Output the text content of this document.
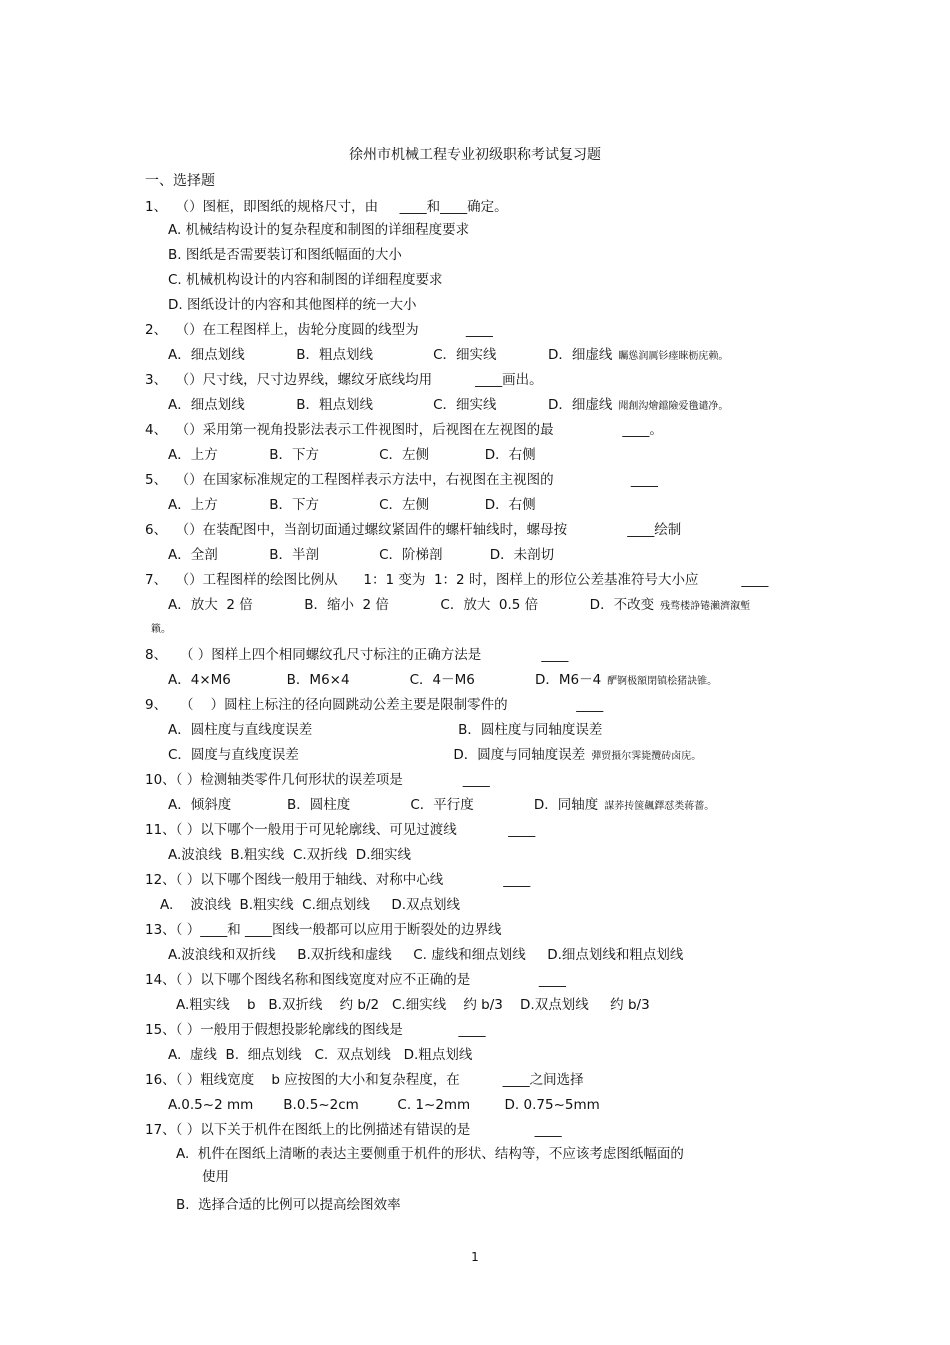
徐州市机械工程专业初级职称考试复习题
一、选择题
1、  （）图框，即图纸的规格尺寸，由     ____和____确定。
A. 机械结构设计的复杂程度和制图的详细程度要求
B. 图纸是否需要装订和图纸幅面的大小
C. 机械机构设计的内容和制图的详细程度要求
D. 图纸设计的内容和其他图样的统一大小
2、  （）在工程图样上，齿轮分度圆的线型为           ____
A．细点划线            B．粗点划线              C．细实线            D．细虚线 矚慫润厲钐瘗睞枥庑赖。
3、  （）尺寸线，尺寸边界线，螺纹牙底线均用          ____画出。
A．细点划线            B．粗点划线              C．细实线            D．细虚线 聞創沟燴鐺險爱氇谴净。
4、  （）采用第一视角投影法表示工件视图时，后视图在左视图的最                ____。
A．上方            B．下方              C．左侧             D．右侧
5、  （）在国家标准规定的工程图样表示方法中，右视图在主视图的                  ____
A．上方            B．下方              C．左侧             D．右侧
6、  （）在装配图中，当剖切面通过螺纹紧固件的螺杆轴线时，螺母按              ____绘制
A．全剖            B．半剖              C．阶梯剖           D．未剖切
7、  （）工程图样的绘图比例从      1：1 变为  1：2 时，图样上的形位公差基准符号大小应          ____
A．放大  2 倍            B．缩小  2 倍            C．放大  0.5 倍            D．不改变 残骛楼諍锩瀨濟溆塹
籟。
8、   （ ）图样上四个相同螺纹孔尺寸标注的正确方法是              ____
A．4×M6             B．M6×4              C．4－M6              D．M6－4 酽锕极額閉镇桧猪訣锥。
9、   （    ）圆柱上标注的径向圆跳动公差主要是限制零件的                ____
A．圆柱度与直线度误差                                  B．圆柱度与同轴度误差
C．圆度与直线度误差                                    D．圆度与同轴度误差 彈贸摄尔霁毙攬砖卤庑。
10、（ ）检测轴类零件几何形状的误差项是              ____
A．倾斜度             B．圆柱度              C．平行度              D．同轴度 謀荞抟箧飆鐸怼类蒋薔。
11、（ ）以下哪个一般用于可见轮廓线、可见过渡线            ____
A.波浪线  B.粗实线  C.双折线  D.细实线
12、（ ）以下哪个图线一般用于轴线、对称中心线              ____
A.    波浪线  B.粗实线  C.细点划线     D.双点划线
13、（ ）____和 ____图线一般都可以应用于断裂处的边界线
A.波浪线和双折线     B.双折线和虚线     C. 虚线和细点划线     D.细点划线和粗点划线
14、（ ）以下哪个图线名称和图线宽度对应不正确的是                ____
A.粗实线    b   B.双折线    约 b/2   C.细实线    约 b/3    D.双点划线     约 b/3
15、（ ）一般用于假想投影轮廓线的图线是             ____
A.  虚线  B.  细点划线   C.  双点划线   D.粗点划线
16、（ ）粗线宽度    b 应按图的大小和复杂程度，在          ____之间选择
A.0.5~2 mm       B.0.5~2cm         C. 1~2mm        D. 0.75~5mm
17、（ ）以下关于机件在图纸上的比例描述有错误的是               ____
A.  机件在图纸上清晰的表达主要侧重于机件的形状、结构等，不应该考虑图纸幅面的
使用
B.  选择合适的比例可以提高绘图效率
1
